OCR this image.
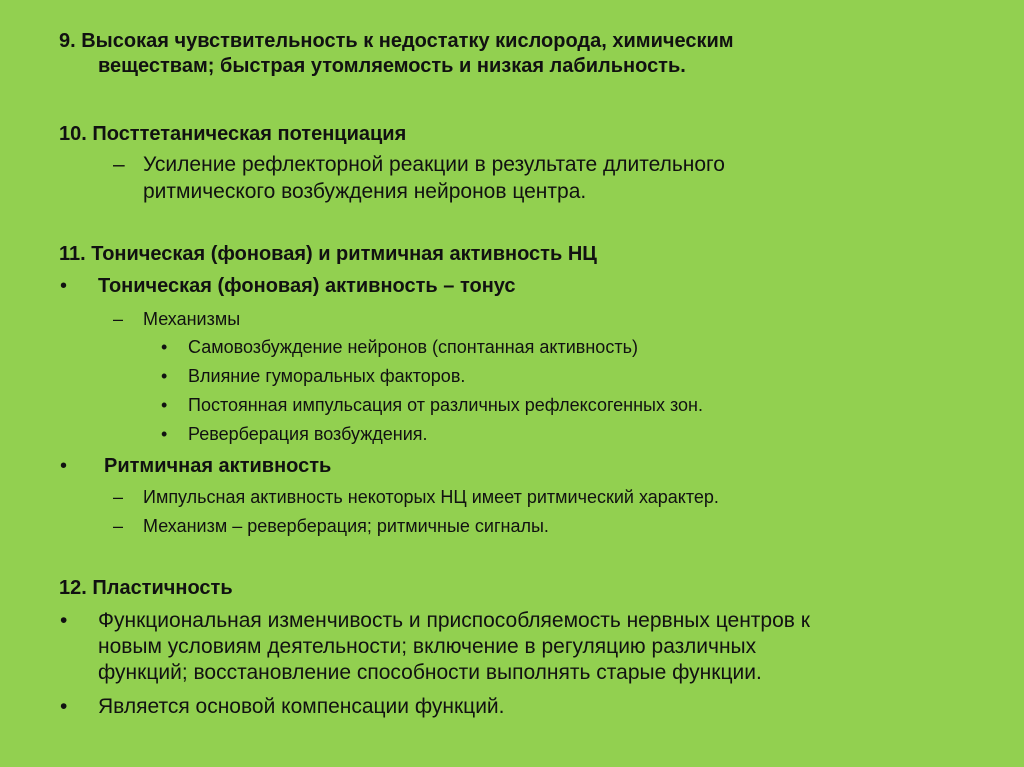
9. Высокая чувствительность к недостатку кислорода, химическим
веществам; быстрая утомляемость и низкая лабильность.
10. Посттетаническая потенциация
– Усиление рефлекторной реакции в результате длительного
ритмического возбуждения нейронов центра.
11. Тоническая (фоновая) и ритмичная активность НЦ
• Тоническая (фоновая) активность – тонус
– Механизмы
• Самовозбуждение нейронов (спонтанная активность)
• Влияние гуморальных факторов.
• Постоянная импульсация от различных рефлексогенных зон.
• Реверберация возбуждения.
• Ритмичная активность
– Импульсная активность некоторых НЦ имеет ритмический характер.
– Механизм – реверберация; ритмичные сигналы.
12. Пластичность
• Функциональная изменчивость и приспособляемость нервных центров к
новым условиям деятельности; включение в регуляцию различных
функций; восстановление способности выполнять старые функции.
• Является основой компенсации функций.
